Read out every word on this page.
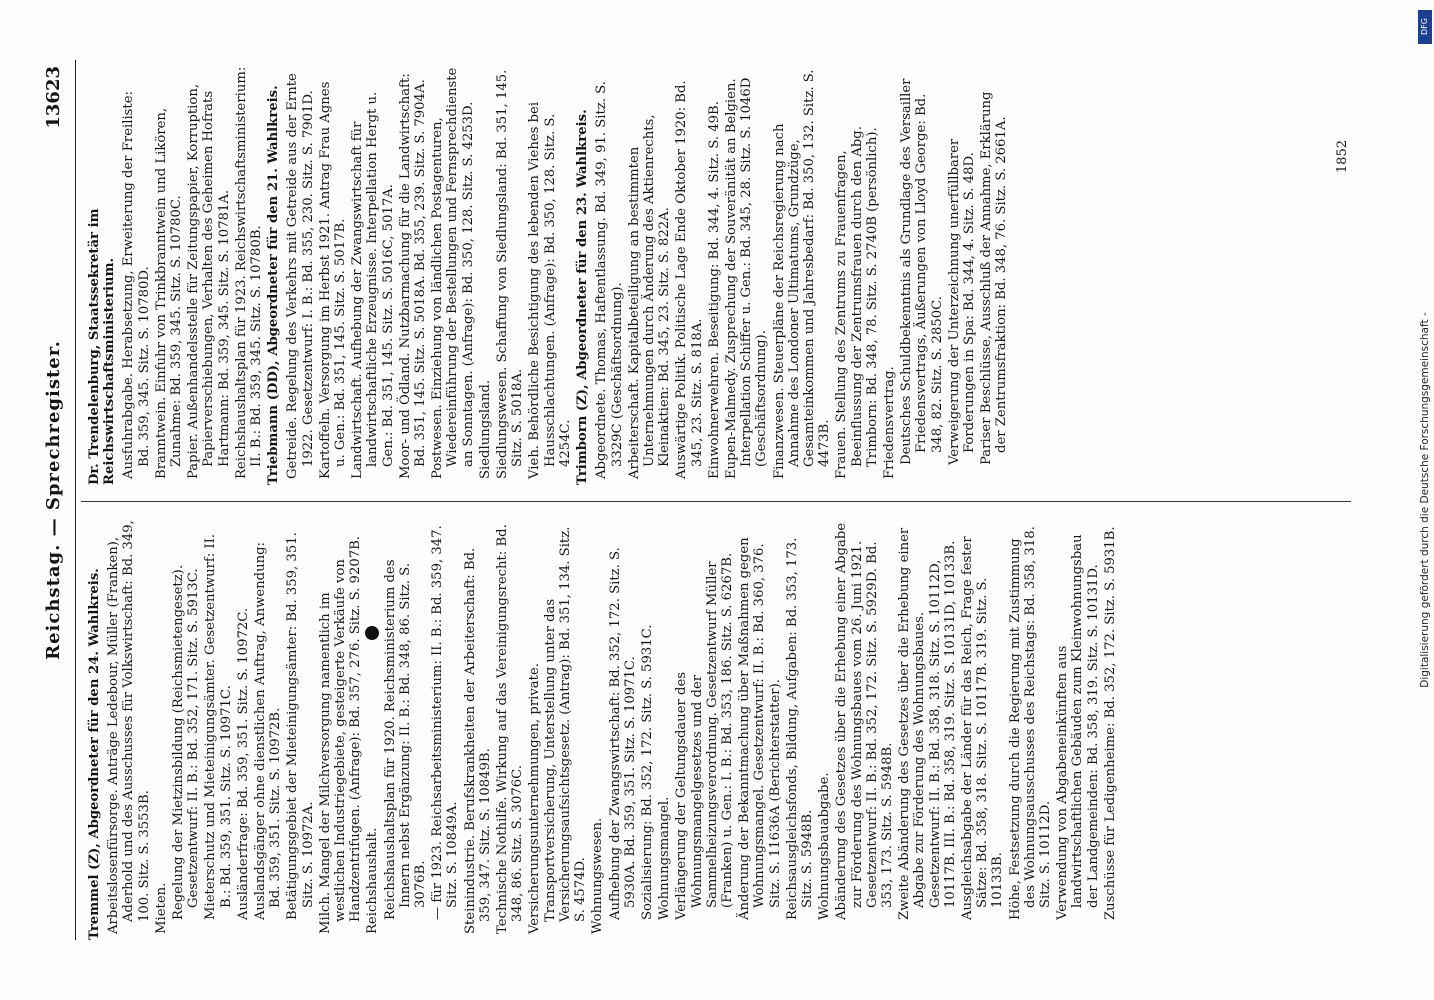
Reichstag. — Sprechregister.
13623

Tremmel (Z), Abgeordneter für den 24. Wahlkreis. Arbeitslosenfürsorge. Anträge Ledebour, Müller (Franken), Aderhold und des Ausschusses für Volkswirtschaft: Bd. 349, 100. Sitz. S. 3553B. Mieten. Regelung der Mietzinsbildung (Reichsmietengesetz). Gesetzentwurf: II. B.: Bd. 352, 171. Sitz. S. 5913C. Mieterschutz und Mieteinigungsämter. Gesetzentwurf: II. B.: Bd. 359, 351. Sitz. S. 10971C. Ausländerfrage: Bd. 359, 351. Sitz. S. 10972C. Auslandsgänger ohne dienstlichen Auftrag, Anwendung: Bd. 359, 351. Sitz. S. 10972B. Betätigungsgebiet der Mieteinigungsämter: Bd. 359, 351. Sitz. S. 10972A. Milch. Mangel der Milchversorgung namentlich im westlichen Industriegebiete, gesteigerte Verkäufe von Handzentrifugen. (Anfrage): Bd. 357, 276. Sitz. S. 9207B. Reichshaushalt. Reichshaushaltsplan für 1920. Reichsministerium des Innern nebst Ergänzung: II. B.: Bd. 348, 86. Sitz. S. 3076B. — für 1923. Reichsarbeitsministerium: II. B.: Bd. 359, 347. Sitz. S. 10849A. Steinindustrie. Berufskrankheiten der Arbeiterschaft: Bd. 359, 347. Sitz. S. 10849B. Technische Nothilfe. Wirkung auf das Vereinigungsrecht: Bd. 348, 86. Sitz. S. 3076C. Versicherungsunternehmungen, private. Transportversicherung, Unterstellung unter das Versicherungsaufsichtsgesetz. (Antrag): Bd. 351, 134. Sitz. S. 4574D. Wohnungswesen. Aufhebung der Zwangswirtschaft: Bd. 352, 172. Sitz. S. 5930A. Bd. 359, 351. Sitz. S. 10971C. Sozialisierung: Bd. 352, 172. Sitz. S. 5931C. Wohnungsmangel. Verlängerung der Geltungsdauer des Wohnungsmangelgesetzes und der Sammelheizungsverordnung. Gesetzentwurf Müller (Franken) u. Gen.: I. B.: Bd. 353, 186. Sitz. S. 6267B. Änderung der Bekanntmachung über Maßnahmen gegen Wohnungsmangel. Gesetzentwurf: II. B.: Bd. 360, 376. Sitz. S. 11636A (Berichterstatter). Reichsausgleichsfonds, Bildung, Aufgaben: Bd. 353, 173. Sitz. S. 5948B. Wohnungsbauabgabe. Abänderung des Gesetzes über die Erhebung einer Abgabe zur Förderung des Wohnungsbaues vom 26. Juni 1921. Gesetzentwurf: II. B.: Bd. 352, 172. Sitz. S. 5929D. Bd. 353, 173. Sitz. S. 5948B. Zweite Abänderung des Gesetzes über die Erhebung einer Abgabe zur Förderung des Wohnungsbaues. Gesetzentwurf: II. B.: Bd. 358, 318. Sitz. S. 10112D, 10117B. III. B.: Bd. 358, 319. Sitz. S. 10131D, 10133B. Ausgleichsabgabe der Länder für das Reich, Frage fester Sätze: Bd. 358, 318. Sitz. S. 10117B. 319. Sitz. S. 10133B. Höhe, Festsetzung durch die Regierung mit Zustimmung des Wohnungsausschusses des Reichstags: Bd. 358, 318. Sitz. S. 10112D. Verwendung von Abgabeneinkünften aus landwirtschaftlichen Gebäuden zum Kleinwohnungsbau der Landgemeinden: Bd. 358, 319. Sitz. S. 10131D. Zuschüsse für Ledigenheime: Bd. 352, 172. Sitz. S. 5931B.

Dr. Trendelenburg, Staatssekretär im Reichswirtschaftsministerium. Ausfuhrabgabe. Herabsetzung, Erweiterung der Freiliste: Bd. 359, 345. Sitz. S. 10780D. Branntwein. Einfuhr von Trinkbranntwein und Likören, Zunahme: Bd. 359, 345. Sitz. S. 10780C. Papier. Außenhandelsstelle für Zeitungspapier, Korruption, Papierverschiebungen, Verhalten des Geheimen Hofrats Hartmann: Bd. 359, 345. Sitz. S. 10781A. Reichshaushaltsplan für 1923. Reichswirtschaftsministerium: II. B.: Bd. 359, 345. Sitz. S. 10780B. Triebmann (DD), Abgeordneter für den 21. Wahlkreis. Getreide. Regelung des Verkehrs mit Getreide aus der Ernte 1922. Gesetzentwurf: I. B.: Bd. 355, 230. Sitz. S. 7901D. Kartoffeln. Versorgung im Herbst 1921. Antrag Frau Agnes u. Gen.: Bd. 351, 145. Sitz. S. 5017B. Landwirtschaft. Aufhebung der Zwangswirtschaft für landwirtschaftliche Erzeugnisse. Interpellation Hergt u. Gen.: Bd. 351, 145. Sitz. S. 5016C, 5017A. Moor- und Ödland. Nutzbarmachung für die Landwirtschaft: Bd. 351, 145. Sitz. S. 5018A. Bd. 355, 239. Sitz. S. 7904A. Postwesen. Einziehung von ländlichen Postagenturen, Wiedereinführung der Bestellungen und Fernsprechdienste an Sonntagen. (Anfrage): Bd. 350, 128. Sitz. S. 4253D. Siedlungsland. Siedlungswesen. Schaffung von Siedlungsland: Bd. 351, 145. Sitz. S. 5018A. Vieh. Behördliche Besichtigung des lebenden Viehes bei Hausschlachtungen. (Anfrage): Bd. 350, 128. Sitz. S. 4254C. Trimborn (Z), Abgeordneter für den 23. Wahlkreis. Abgeordnete. Thomas, Haftentlassung. Bd. 349, 91. Sitz. S. 3329C (Geschäftsordnung). Arbeiterschaft. Kapitalbeteiligung an bestimmten Unternehmungen durch Änderung des Aktienrechts, Kleinaktien: Bd. 345, 23. Sitz. S. 822A. Auswärtige Politik. Politische Lage Ende Oktober 1920: Bd. 345, 23. Sitz. S. 818A. Einwohnerwehren. Beseitigung: Bd. 344, 4. Sitz. S. 49B. Eupen-Malmedy. Zusprechung der Souveränität an Belgien. Interpellation Schiffer u. Gen.: Bd. 345, 28. Sitz. S. 1046D (Geschäftsordnung). Finanzwesen. Steuerpläne der Reichsregierung nach Annahme des Londoner Ultimatums, Grundzüge, Gesamteinkommen und Jahresbedarf: Bd. 350, 132. Sitz. S. 4473B. Frauen. Stellung des Zentrums zu Frauenfragen, Beeinflussung der Zentrumsfrauen durch den Abg. Trimborn: Bd. 348, 78. Sitz. S. 2740B (persönlich). Friedensvertrag. Deutsches Schuldbekenntnis als Grundlage des Versailler Friedensvertrags, Äußerungen von Lloyd George: Bd. 348, 82. Sitz. S. 2850C. Verweigerung der Unterzeichnung unerfüllbarer Forderungen in Spa: Bd. 344, 4. Sitz. S. 48D. Pariser Beschlüsse, Ausschluß der Annahme, Erklärung der Zentrumsfraktion: Bd. 348, 76. Sitz. S. 2661A.	1852
DFG
Digitalisierung gefördert durch die Deutsche Forschungsgemeinschaft -
